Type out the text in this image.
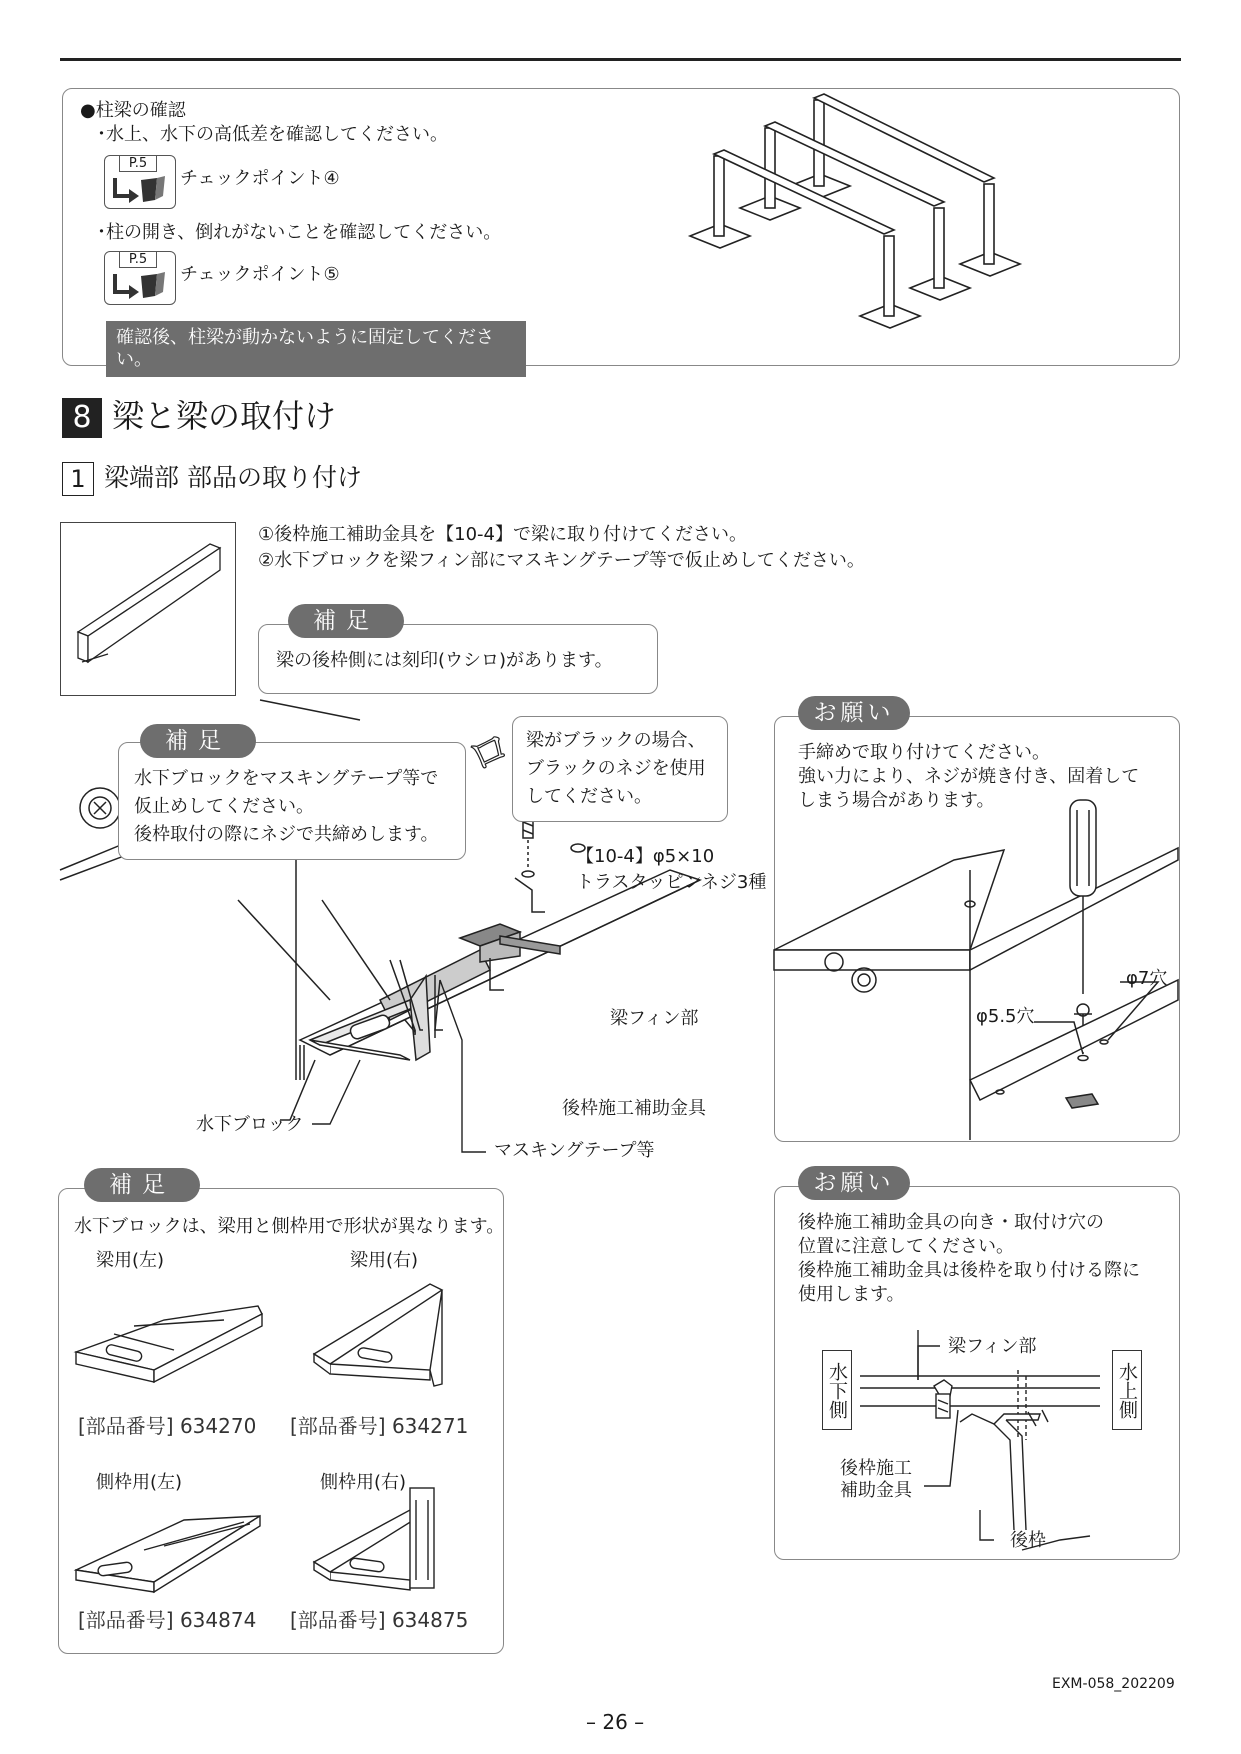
●柱梁の確認
･水上、水下の高低差を確認してください。
P.5
チェックポイント④
･柱の開き、倒れがないことを確認してください。
P.5
チェックポイント⑤
確認後、柱梁が動かないように固定してください。
8 梁と梁の取付け
1 梁端部 部品の取り付け
①後枠施工補助金具を【10-4】で梁に取り付けてください。
②水下ブロックを梁フィン部にマスキングテープ等で仮止めしてください。
補足
梁の後枠側には刻印(ウシロ)があります。
補足
水下ブロックをマスキングテープ等で
仮止めしてください。
後枠取付の際にネジで共締めします。
梁がブラックの場合、
ブラックのネジを使用
してください。
【10-4】φ5×10
トラスタッピンネジ3種
梁フィン部
後枠施工補助金具
水下ブロック
マスキングテープ等
お願い
手締めで取り付けてください。
強い力により、ネジが焼き付き、固着して
しまう場合があります。
φ5.5穴
φ7穴
補足
水下ブロックは、梁用と側枠用で形状が異なります。
梁用(左)	梁用(右)
[部品番号] 634270 [部品番号] 634271
側枠用(左)	側枠用(右)
[部品番号] 634874 [部品番号] 634875
お願い
後枠施工補助金具の向き・取付け穴の
位置に注意してください。
後枠施工補助金具は後枠を取り付ける際に
使用します。
水下側	水上側
梁フィン部
後枠施工
補助金具
後枠
EXM-058_202209
– 26 –
